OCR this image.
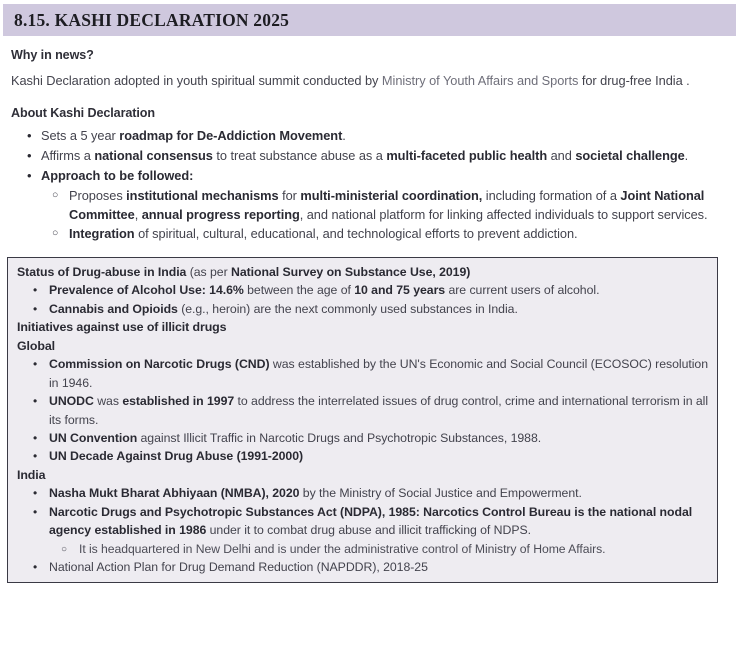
8.15. KASHI DECLARATION 2025
Why in news?

Kashi Declaration adopted in youth spiritual summit conducted by Ministry of Youth Affairs and Sports for drug-free India .

About Kashi Declaration
• Sets a 5 year roadmap for De-Addiction Movement.
• Affirms a national consensus to treat substance abuse as a multi-faceted public health and societal challenge.
• Approach to be followed:
○ Proposes institutional mechanisms for multi-ministerial coordination, including formation of a Joint National Committee, annual progress reporting, and national platform for linking affected individuals to support services.
○ Integration of spiritual, cultural, educational, and technological efforts to prevent addiction.
Status of Drug-abuse in India (as per National Survey on Substance Use, 2019)
• Prevalence of Alcohol Use: 14.6% between the age of 10 and 75 years are current users of alcohol.
• Cannabis and Opioids (e.g., heroin) are the next commonly used substances in India.
Initiatives against use of illicit drugs
Global
• Commission on Narcotic Drugs (CND) was established by the UN's Economic and Social Council (ECOSOC) resolution in 1946.
• UNODC was established in 1997 to address the interrelated issues of drug control, crime and international terrorism in all its forms.
• UN Convention against Illicit Traffic in Narcotic Drugs and Psychotropic Substances, 1988.
• UN Decade Against Drug Abuse (1991-2000)
India
• Nasha Mukt Bharat Abhiyaan (NMBA), 2020 by the Ministry of Social Justice and Empowerment.
• Narcotic Drugs and Psychotropic Substances Act (NDPA), 1985: Narcotics Control Bureau is the national nodal agency established in 1986 under it to combat drug abuse and illicit trafficking of NDPS.
○ It is headquartered in New Delhi and is under the administrative control of Ministry of Home Affairs.
• National Action Plan for Drug Demand Reduction (NAPDDR), 2018-25
